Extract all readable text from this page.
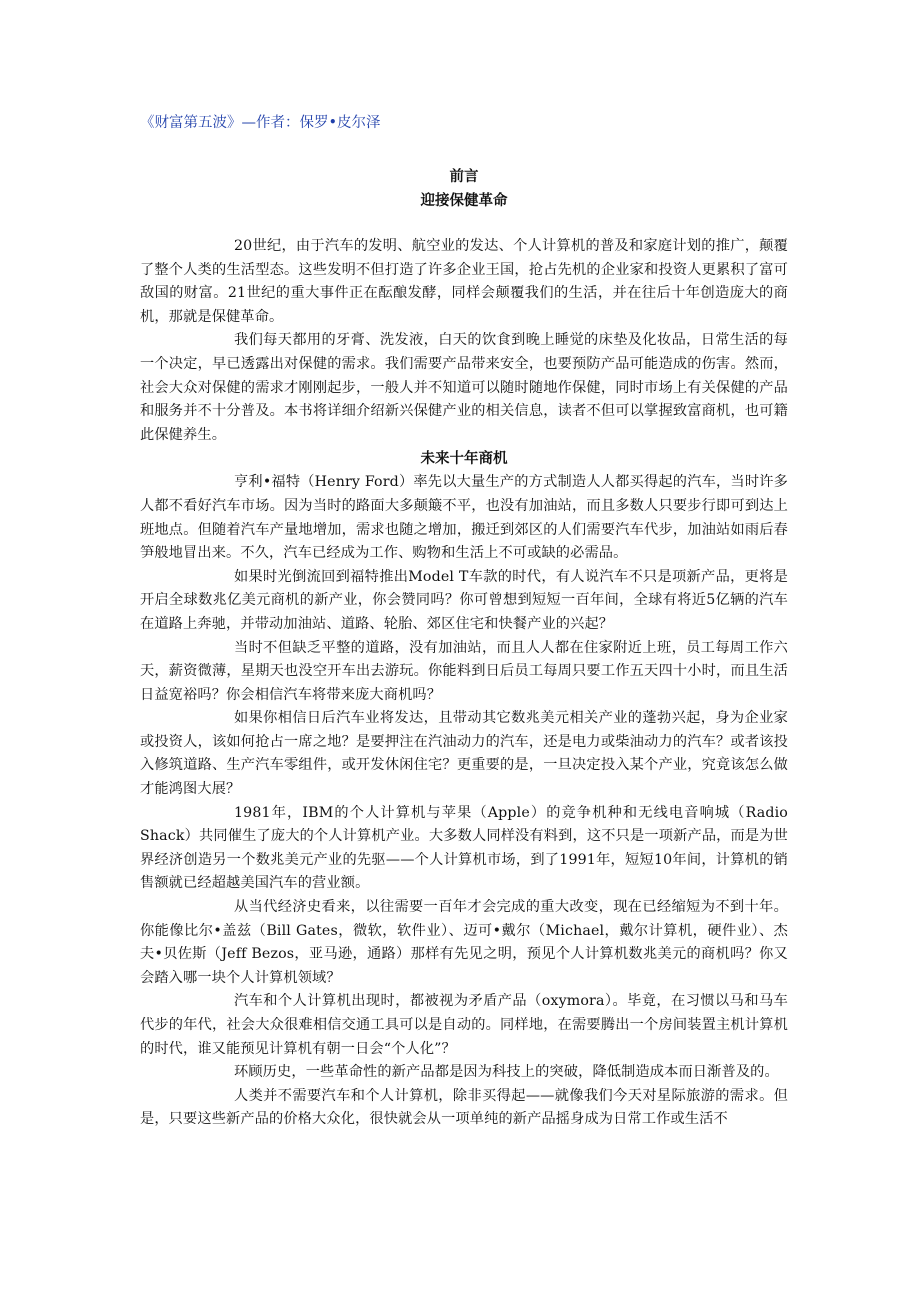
《财富第五波》—作者：保罗•皮尔泽

前言

迎接保健革命

20世纪，由于汽车的发明、航空业的发达、个人计算机的普及和家庭计划的推广，颠覆了整个人类的生活型态。这些发明不但打造了许多企业王国，抢占先机的企业家和投资人更累积了富可敌国的财富。21世纪的重大事件正在酝酿发酵，同样会颠覆我们的生活，并在往后十年创造庞大的商机，那就是保健革命。

我们每天都用的牙膏、洗发液，白天的饮食到晚上睡觉的床垫及化妆品，日常生活的每一个决定，早已透露出对保健的需求。我们需要产品带来安全，也要预防产品可能造成的伤害。然而，社会大众对保健的需求才刚刚起步，一般人并不知道可以随时随地作保健，同时市场上有关保健的产品和服务并不十分普及。本书将详细介绍新兴保健产业的相关信息，读者不但可以掌握致富商机，也可籍此保健养生。

未来十年商机

亨利•福特（Henry Ford）率先以大量生产的方式制造人人都买得起的汽车，当时许多人都不看好汽车市场。因为当时的路面大多颠簸不平，也没有加油站，而且多数人只要步行即可到达上班地点。但随着汽车产量地增加，需求也随之增加，搬迁到郊区的人们需要汽车代步，加油站如雨后春笋般地冒出来。不久，汽车已经成为工作、购物和生活上不可或缺的必需品。

如果时光倒流回到福特推出Model T车款的时代，有人说汽车不只是项新产品，更将是开启全球数兆亿美元商机的新产业，你会赞同吗？你可曾想到短短一百年间，全球有将近5亿辆的汽车在道路上奔驰，并带动加油站、道路、轮胎、郊区住宅和快餐产业的兴起？

当时不但缺乏平整的道路，没有加油站，而且人人都在住家附近上班，员工每周工作六天，薪资微薄，星期天也没空开车出去游玩。你能料到日后员工每周只要工作五天四十小时，而且生活日益宽裕吗？你会相信汽车将带来庞大商机吗？

如果你相信日后汽车业将发达，且带动其它数兆美元相关产业的蓬勃兴起，身为企业家或投资人，该如何抢占一席之地？是要押注在汽油动力的汽车，还是电力或柴油动力的汽车？或者该投入修筑道路、生产汽车零组件，或开发休闲住宅？更重要的是，一旦决定投入某个产业，究竟该怎么做才能鸿图大展？

1981年，IBM的个人计算机与苹果（Apple）的竞争机种和无线电音响城（Radio Shack）共同催生了庞大的个人计算机产业。大多数人同样没有料到，这不只是一项新产品，而是为世界经济创造另一个数兆美元产业的先驱——个人计算机市场，到了1991年，短短10年间，计算机的销售额就已经超越美国汽车的营业额。

从当代经济史看来，以往需要一百年才会完成的重大改变，现在已经缩短为不到十年。你能像比尔•盖兹（Bill Gates，微软，软件业）、迈可•戴尔（Michael，戴尔计算机，硬件业）、杰夫•贝佐斯（Jeff Bezos，亚马逊，通路）那样有先见之明，预见个人计算机数兆美元的商机吗？你又会踏入哪一块个人计算机领域？

汽车和个人计算机出现时，都被视为矛盾产品（oxymora）。毕竟，在习惯以马和马车代步的年代，社会大众很难相信交通工具可以是自动的。同样地，在需要腾出一个房间装置主机计算机的时代，谁又能预见计算机有朝一日会“个人化”？

环顾历史，一些革命性的新产品都是因为科技上的突破，降低制造成本而日渐普及的。

人类并不需要汽车和个人计算机，除非买得起——就像我们今天对星际旅游的需求。但是，只要这些新产品的价格大众化，很快就会从一项单纯的新产品摇身成为日常工作或生活不
